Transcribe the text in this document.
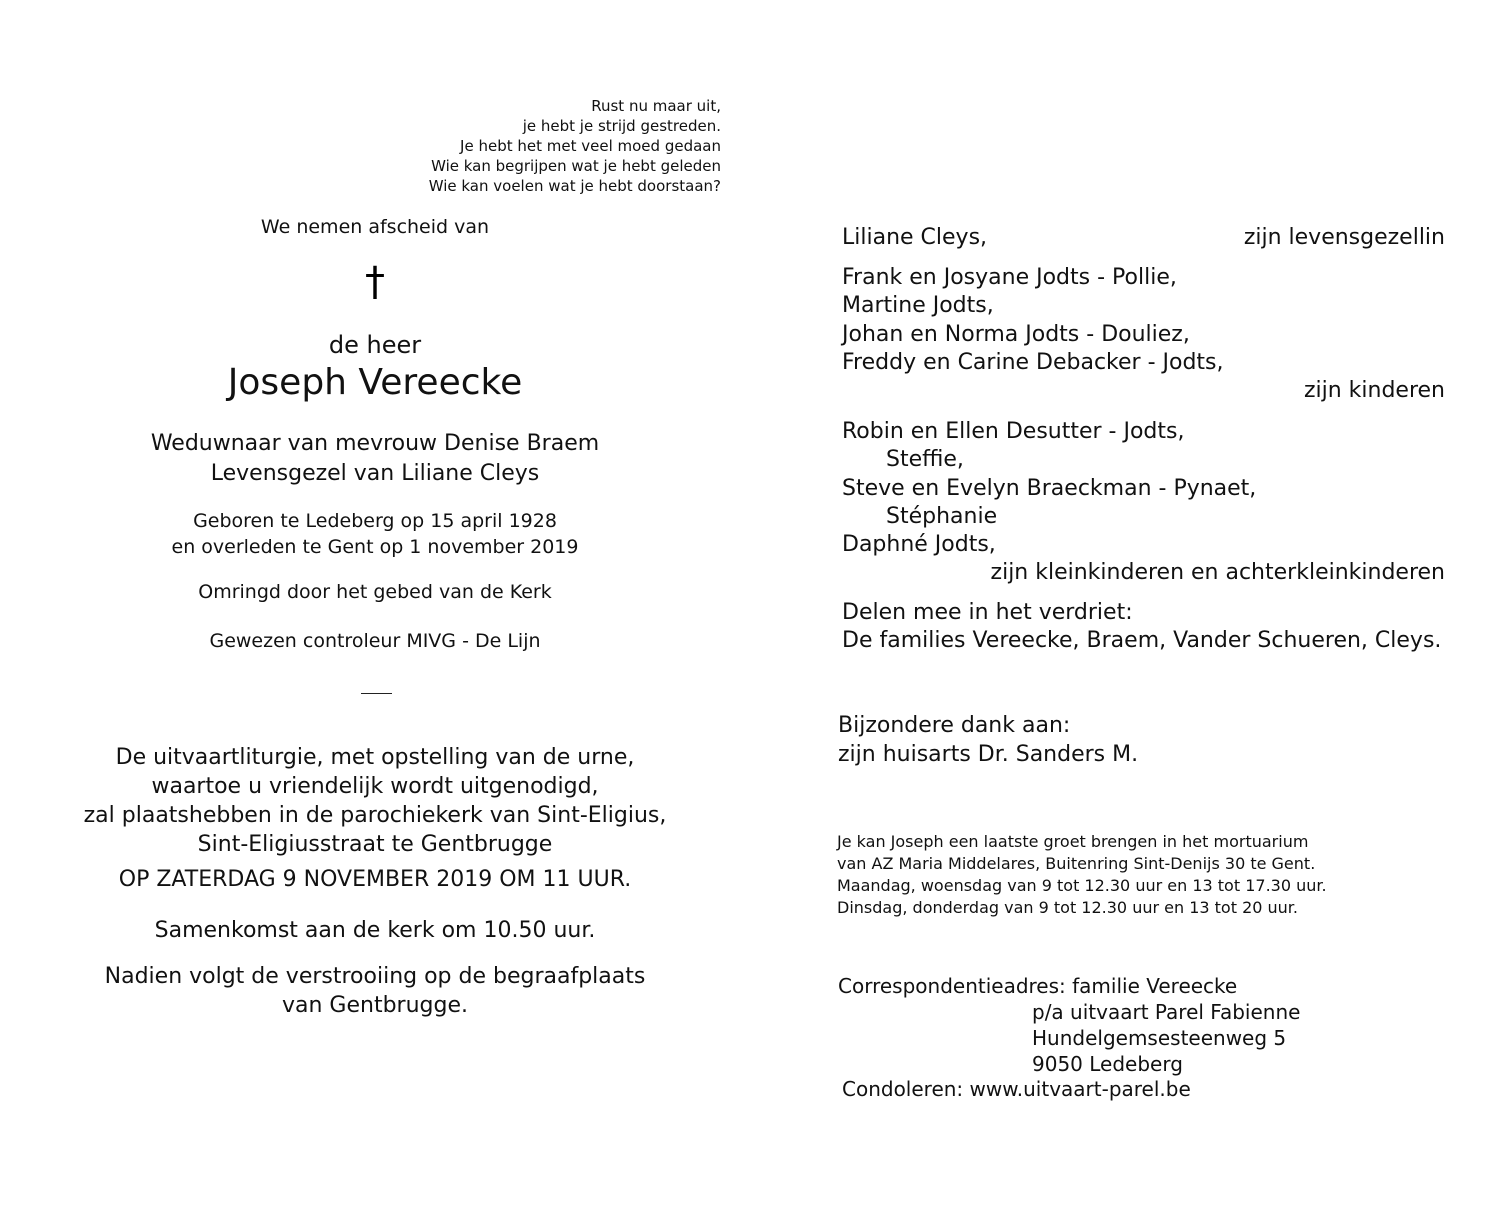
Rust nu maar uit,
je hebt je strijd gestreden.
Je hebt het met veel moed gedaan
Wie kan begrijpen wat je hebt geleden
Wie kan voelen wat je hebt doorstaan?
We nemen afscheid van
†
de heer
Joseph Vereecke
Weduwnaar van mevrouw Denise Braem
Levensgezel van Liliane Cleys
Geboren te Ledeberg op 15 april 1928
en overleden te Gent op 1 november 2019
Omringd door het gebed van de Kerk
Gewezen controleur MIVG - De Lijn
De uitvaartliturgie, met opstelling van de urne,
waartoe u vriendelijk wordt uitgenodigd,
zal plaatshebben in de parochiekerk van Sint-Eligius,
Sint-Eligiusstraat te Gentbrugge
OP ZATERDAG 9 NOVEMBER 2019 OM 11 UUR.
Samenkomst aan de kerk om 10.50 uur.
Nadien volgt de verstrooiing op de begraafplaats
van Gentbrugge.
Liliane Cleys,	zijn levensgezellin
Frank en Josyane Jodts - Pollie,
Martine Jodts,
Johan en Norma Jodts - Douliez,
Freddy en Carine Debacker - Jodts,
zijn kinderen
Robin en Ellen Desutter - Jodts,
Steffie,
Steve en Evelyn Braeckman - Pynaet,
Stéphanie
Daphné Jodts,
zijn kleinkinderen en achterkleinkinderen
Delen mee in het verdriet:
De families Vereecke, Braem, Vander Schueren, Cleys.
Bijzondere dank aan:
zijn huisarts Dr. Sanders M.
Je kan Joseph een laatste groet brengen in het mortuarium
van AZ Maria Middelares, Buitenring Sint-Denijs 30 te Gent.
Maandag, woensdag van 9 tot 12.30 uur en 13 tot 17.30 uur.
Dinsdag, donderdag van 9 tot 12.30 uur en 13 tot 20 uur.
Correspondentieadres: familie Vereecke
p/a uitvaart Parel Fabienne
Hundelgemsesteenweg 5
9050 Ledeberg
Condoleren: www.uitvaart-parel.be
